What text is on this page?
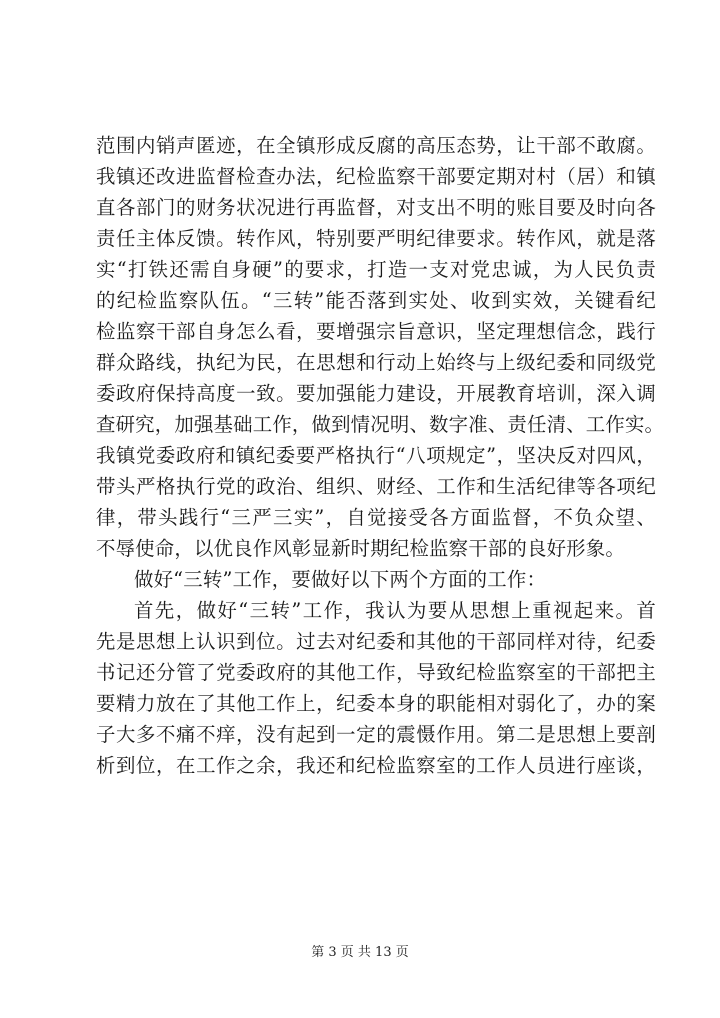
范围内销声匿迹，在全镇形成反腐的高压态势，让干部不敢腐。
我镇还改进监督检查办法，纪检监察干部要定期对村（居）和镇
直各部门的财务状况进行再监督，对支出不明的账目要及时向各
责任主体反馈。转作风，特别要严明纪律要求。转作风，就是落
实“打铁还需自身硬”的要求，打造一支对党忠诚，为人民负责
的纪检监察队伍。“三转”能否落到实处、收到实效，关键看纪
检监察干部自身怎么看，要增强宗旨意识，坚定理想信念，践行
群众路线，执纪为民，在思想和行动上始终与上级纪委和同级党
委政府保持高度一致。要加强能力建设，开展教育培训，深入调
查研究，加强基础工作，做到情况明、数字准、责任清、工作实。
我镇党委政府和镇纪委要严格执行“八项规定”，坚决反对四风，
带头严格执行党的政治、组织、财经、工作和生活纪律等各项纪
律，带头践行“三严三实”，自觉接受各方面监督，不负众望、
不辱使命，以优良作风彰显新时期纪检监察干部的良好形象。
做好“三转”工作，要做好以下两个方面的工作：
首先，做好“三转”工作，我认为要从思想上重视起来。首
先是思想上认识到位。过去对纪委和其他的干部同样对待，纪委
书记还分管了党委政府的其他工作，导致纪检监察室的干部把主
要精力放在了其他工作上，纪委本身的职能相对弱化了，办的案
子大多不痛不痒，没有起到一定的震慑作用。第二是思想上要剖
析到位，在工作之余，我还和纪检监察室的工作人员进行座谈，
第 3 页 共 13 页
